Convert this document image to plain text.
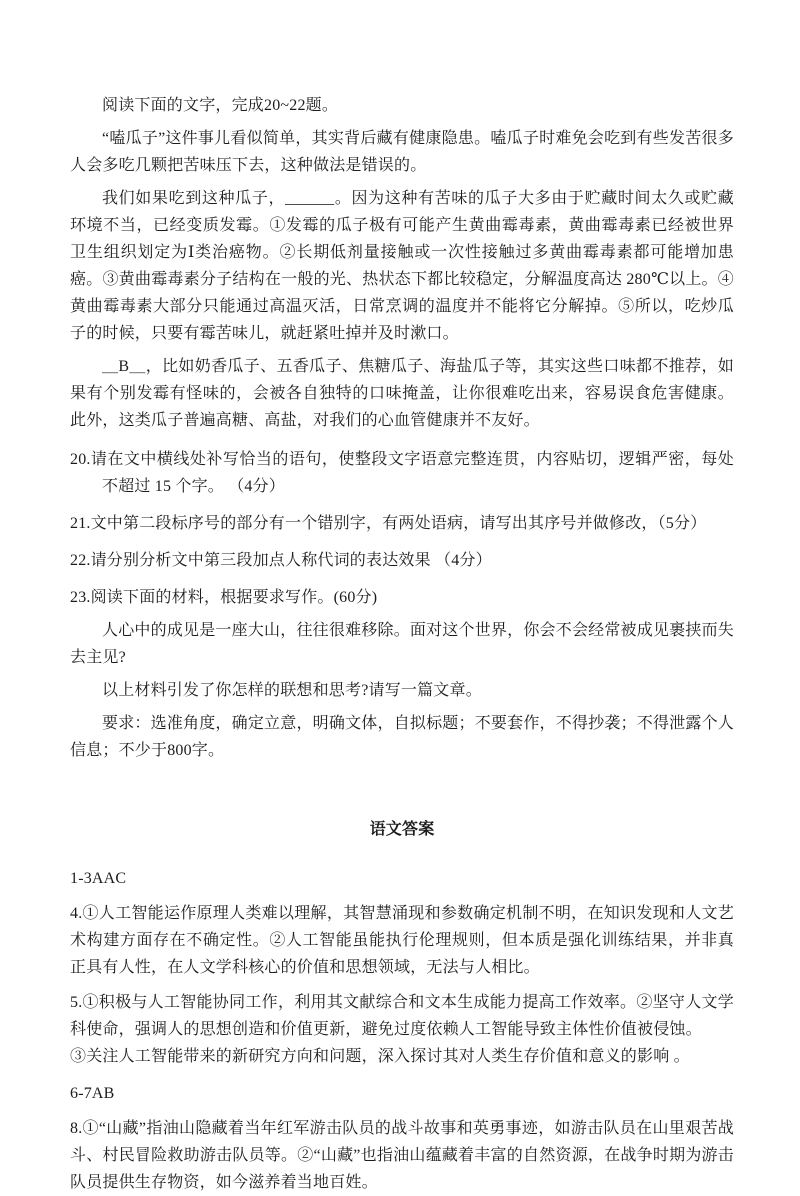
阅读下面的文字，完成20~22题。

“嗑瓜子”这件事儿看似简单，其实背后藏有健康隐患。嗑瓜子时难免会吃到有些发苦很多人会多吃几颗把苦味压下去，这种做法是错误的。

我们如果吃到这种瓜子，______。因为这种有苦味的瓜子大多由于贮藏时间太久或贮藏环境不当，已经变质发霉。①发霉的瓜子极有可能产生黄曲霉毒素，黄曲霉毒素已经被世界卫生组织划定为Ⅰ类治癌物。②长期低剂量接触或一次性接触过多黄曲霉毒素都可能增加患癌。③黄曲霉毒素分子结构在一般的光、热状态下都比较稳定，分解温度高达 280℃以上。④黄曲霉毒素大部分只能通过高温灭活，日常烹调的温度并不能将它分解掉。⑤所以，吃炒瓜子的时候，只要有霉苦味儿，就赶紧吐掉并及时漱口。

＿B＿，比如奶香瓜子、五香瓜子、焦糖瓜子、海盐瓜子等，其实这些口味都不推荐，如果有个别发霉有怪味的，会被各自独特的口味掩盖，让你很难吃出来，容易误食危害健康。此外，这类瓜子普遍高糖、高盐，对我们的心血管健康并不友好。

20.请在文中横线处补写恰当的语句，使整段文字语意完整连贯，内容贴切，逻辑严密，每处不超过 15 个字。 （4分）

21.文中第二段标序号的部分有一个错别字，有两处语病，请写出其序号并做修改，（5分）

22.请分别分析文中第三段加点人称代词的表达效果 （4分）

23.阅读下面的材料，根据要求写作。(60分)

人心中的成见是一座大山，往往很难移除。面对这个世界，你会不会经常被成见裹挟而失去主见?

以上材料引发了你怎样的联想和思考?请写一篇文章。

要求：选准角度，确定立意，明确文体，自拟标题；不要套作，不得抄袭；不得泄露个人信息；不少于800字。

语文答案

1-3AAC

4.①人工智能运作原理人类难以理解，其智慧涌现和参数确定机制不明，在知识发现和人文艺术构建方面存在不确定性。②人工智能虽能执行伦理规则，但本质是强化训练结果，并非真正具有人性，在人文学科核心的价值和思想领域，无法与人相比。

5.①积极与人工智能协同工作，利用其文献综合和文本生成能力提高工作效率。②坚守人文学科使命，强调人的思想创造和价值更新，避免过度依赖人工智能导致主体性价值被侵蚀。

③关注人工智能带来的新研究方向和问题，深入探讨其对人类生存价值和意义的影响 。

6-7AB

8.①“山藏”指油山隐藏着当年红军游击队员的战斗故事和英勇事迹，如游击队员在山里艰苦战斗、村民冒险救助游击队员等。②“山藏”也指油山蕴藏着丰富的自然资源，在战争时期为游击队员提供生存物资，如今滋养着当地百姓。
